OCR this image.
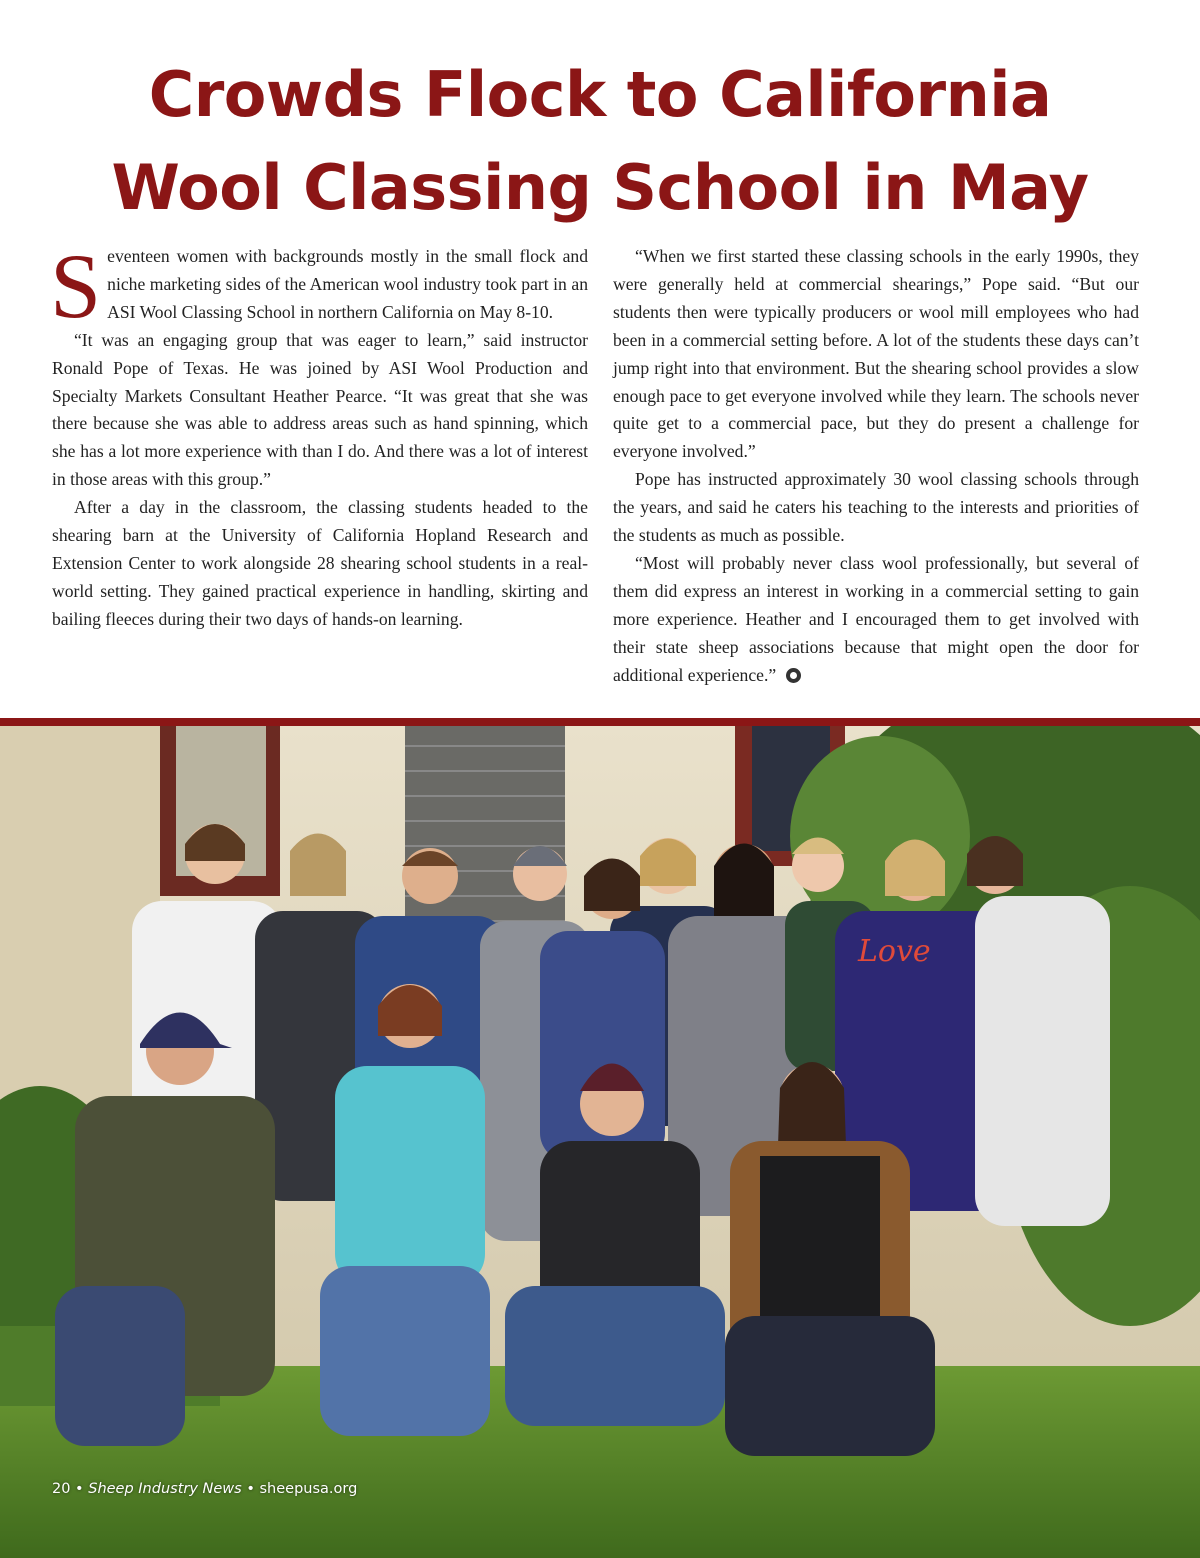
Crowds Flock to California
Wool Classing School in May

Seventeen women with backgrounds mostly in the small flock and niche marketing sides of the American wool industry took part in an ASI Wool Classing School in northern California on May 8-10.

“It was an engaging group that was eager to learn,” said instructor Ronald Pope of Texas. He was joined by ASI Wool Production and Specialty Markets Consultant Heather Pearce. “It was great that she was there because she was able to address areas such as hand spinning, which she has a lot more experience with than I do. And there was a lot of interest in those areas with this group.”

After a day in the classroom, the classing students headed to the shearing barn at the University of California Hopland Research and Extension Center to work alongside 28 shearing school students in a real-world setting. They gained practical experience in handling, skirting and bailing fleeces during their two days of hands-on learning.

“When we first started these classing schools in the early 1990s, they were generally held at commercial shearings,” Pope said. “But our students then were typically producers or wool mill employees who had been in a commercial setting before. A lot of the students these days can’t jump right into that environment. But the shearing school provides a slow enough pace to get everyone involved while they learn. The schools never quite get to a commercial pace, but they do present a challenge for everyone involved.”

Pope has instructed approximately 30 wool classing schools through the years, and said he caters his teaching to the interests and priorities of the students as much as possible.

“Most will probably never class wool professionally, but several of them did express an interest in working in a commercial setting to gain more experience. Heather and I encouraged them to get involved with their state sheep associations because that might open the door for additional experience.”

Love
20 • Sheep Industry News • sheepusa.org
